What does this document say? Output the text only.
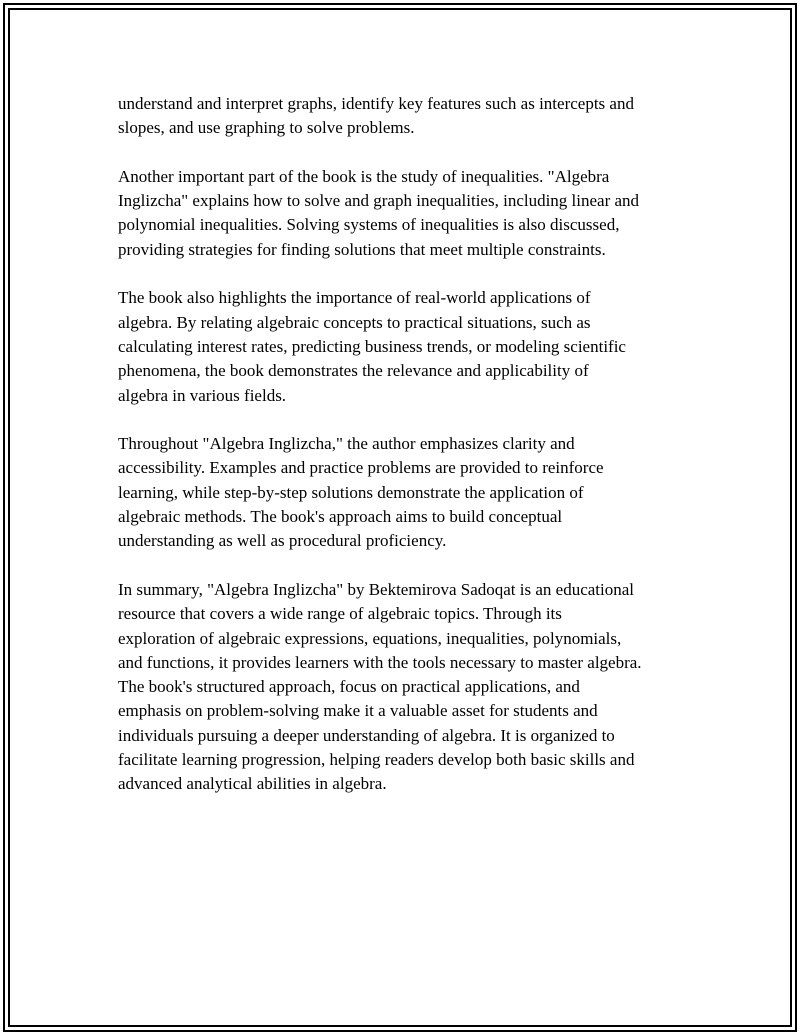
understand and interpret graphs, identify key features such as intercepts and
slopes, and use graphing to solve problems.

Another important part of the book is the study of inequalities. "Algebra
Inglizcha" explains how to solve and graph inequalities, including linear and
polynomial inequalities. Solving systems of inequalities is also discussed,
providing strategies for finding solutions that meet multiple constraints.

The book also highlights the importance of real-world applications of
algebra. By relating algebraic concepts to practical situations, such as
calculating interest rates, predicting business trends, or modeling scientific
phenomena, the book demonstrates the relevance and applicability of
algebra in various fields.

Throughout "Algebra Inglizcha," the author emphasizes clarity and
accessibility. Examples and practice problems are provided to reinforce
learning, while step-by-step solutions demonstrate the application of
algebraic methods. The book's approach aims to build conceptual
understanding as well as procedural proficiency.

In summary, "Algebra Inglizcha" by Bektemirova Sadoqat is an educational
resource that covers a wide range of algebraic topics. Through its
exploration of algebraic expressions, equations, inequalities, polynomials,
and functions, it provides learners with the tools necessary to master algebra.
The book's structured approach, focus on practical applications, and
emphasis on problem-solving make it a valuable asset for students and
individuals pursuing a deeper understanding of algebra. It is organized to
facilitate learning progression, helping readers develop both basic skills and
advanced analytical abilities in algebra.
